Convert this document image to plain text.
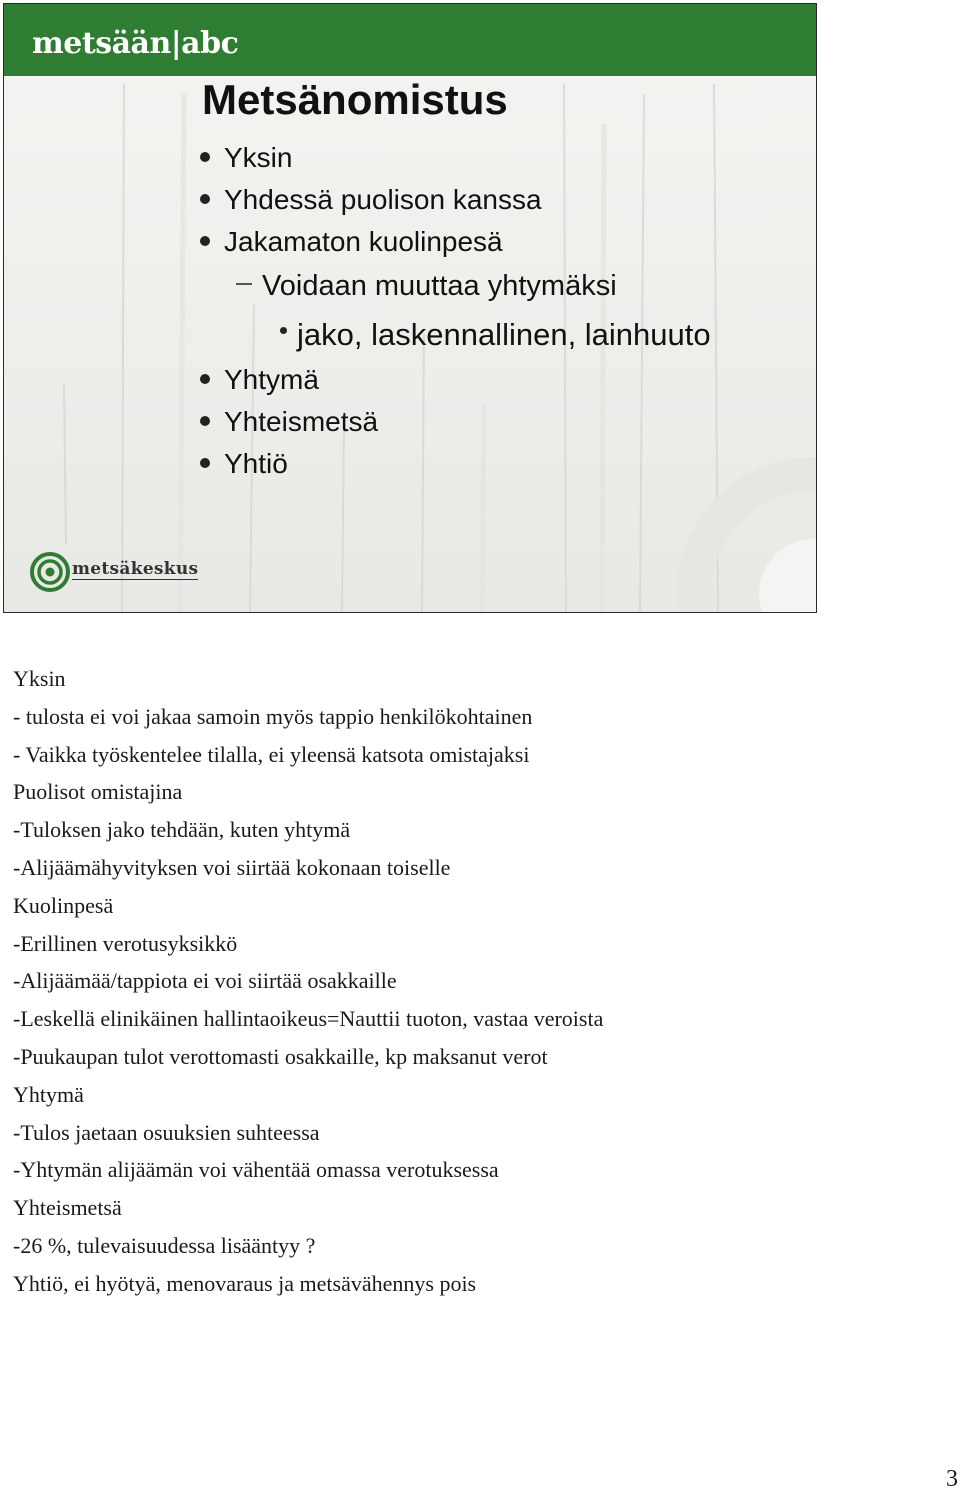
metsään|abc
Metsänomistus
Yksin
Yhdessä puolison kanssa
Jakamaton kuolinpesä
Voidaan muuttaa yhtymäksi
jako, laskennallinen, lainhuuto
Yhtymä
Yhteismetsä
Yhtiö
metsäkeskus
Yksin
- tulosta ei voi jakaa samoin myös tappio henkilökohtainen
- Vaikka työskentelee tilalla, ei yleensä katsota omistajaksi
Puolisot omistajina
-Tuloksen jako tehdään, kuten yhtymä
-Alijäämähyvityksen voi siirtää kokonaan toiselle
Kuolinpesä
-Erillinen verotusyksikkö
-Alijäämää/tappiota ei voi siirtää osakkaille
-Leskellä elinikäinen hallintaoikeus=Nauttii tuoton, vastaa veroista
-Puukaupan tulot verottomasti osakkaille, kp maksanut verot
Yhtymä
-Tulos jaetaan osuuksien suhteessa
-Yhtymän alijäämän voi vähentää omassa verotuksessa
Yhteismetsä
-26 %, tulevaisuudessa lisääntyy ?
Yhtiö, ei hyötyä, menovaraus ja metsävähennys pois
3
